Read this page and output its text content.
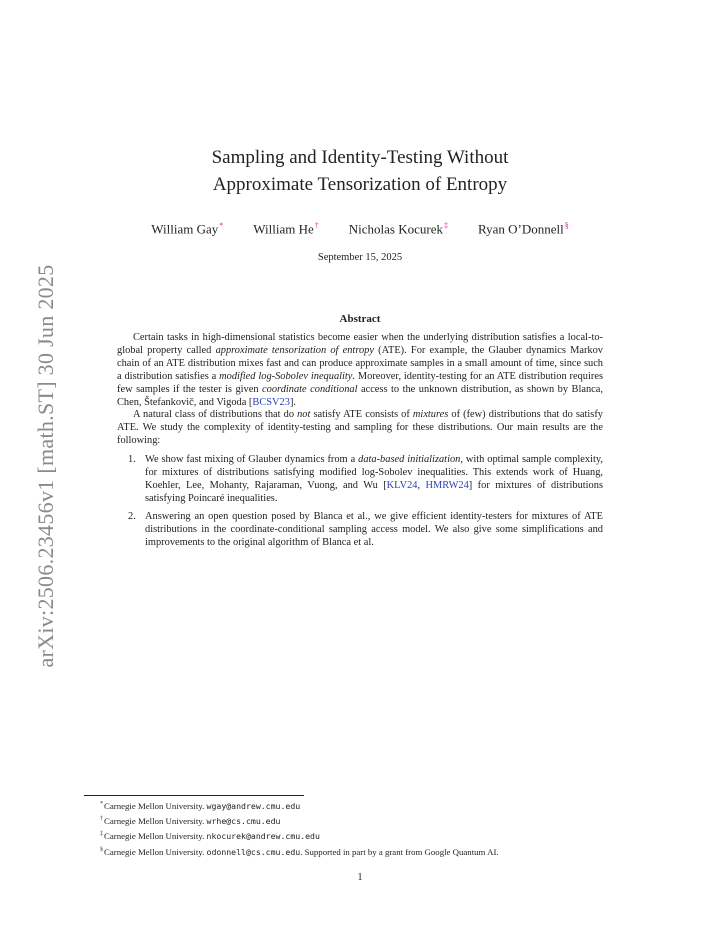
arXiv:2506.23456v1 [math.ST] 30 Jun 2025
Sampling and Identity-Testing Without
Approximate Tensorization of Entropy
William Gay* William He† Nicholas Kocurek‡ Ryan O’Donnell§
September 15, 2025
Abstract

Certain tasks in high-dimensional statistics become easier when the underlying distribution satisfies a local-to-global property called approximate tensorization of entropy (ATE). For example, the Glauber dynamics Markov chain of an ATE distribution mixes fast and can produce approximate samples in a small amount of time, since such a distribution satisfies a modified log-Sobolev inequality. Moreover, identity-testing for an ATE distribution requires few samples if the tester is given coordinate conditional access to the unknown distribution, as shown by Blanca, Chen, Štefankovič, and Vigoda [BCSV23].

A natural class of distributions that do not satisfy ATE consists of mixtures of (few) distributions that do satisfy ATE. We study the complexity of identity-testing and sampling for these distributions. Our main results are the following:

1. We show fast mixing of Glauber dynamics from a data-based initialization, with optimal sample complexity, for mixtures of distributions satisfying modified log-Sobolev inequalities. This extends work of Huang, Koehler, Lee, Mohanty, Rajaraman, Vuong, and Wu [KLV24, HMRW24] for mixtures of distributions satisfying Poincaré inequalities.
2. Answering an open question posed by Blanca et al., we give efficient identity-testers for mixtures of ATE distributions in the coordinate-conditional sampling access model. We also give some simplifications and improvements to the original algorithm of Blanca et al.
*Carnegie Mellon University. wgay@andrew.cmu.edu
†Carnegie Mellon University. wrhe@cs.cmu.edu
‡Carnegie Mellon University. nkocurek@andrew.cmu.edu
§Carnegie Mellon University. odonnell@cs.cmu.edu. Supported in part by a grant from Google Quantum AI.
1
